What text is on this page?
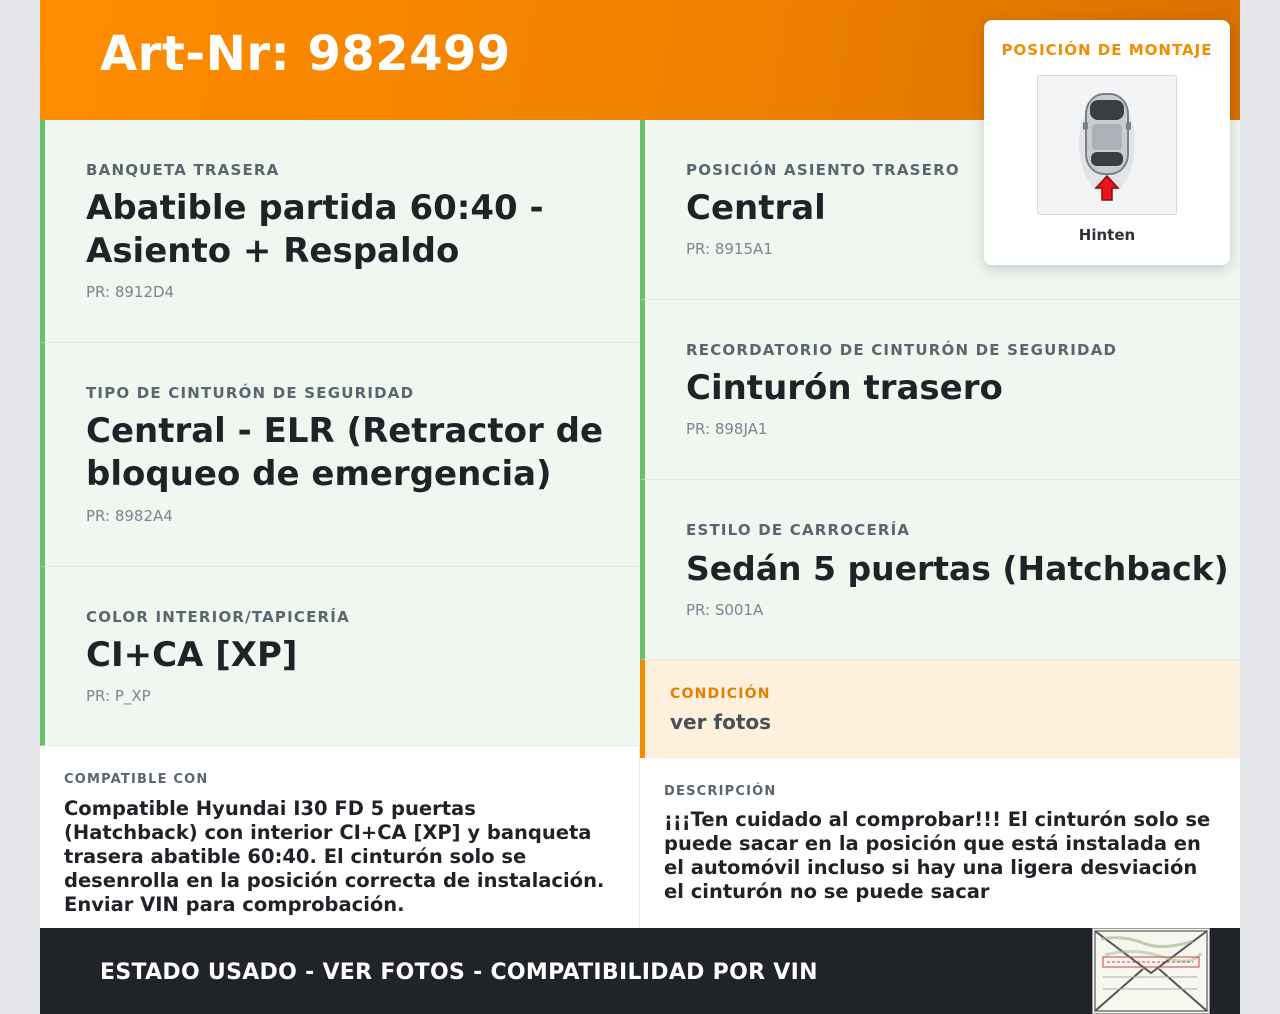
Art-Nr: 982499
BANQUETA TRASERA
Abatible partida 60:40 - Asiento + Respaldo
PR: 8912D4
TIPO DE CINTURÓN DE SEGURIDAD
Central - ELR (Retractor de bloqueo de emergencia)
PR: 8982A4
COLOR INTERIOR/TAPICERÍA
CI+CA [XP]
PR: P_XP
POSICIÓN ASIENTO TRASERO
Central
PR: 8915A1
RECORDATORIO DE CINTURÓN DE SEGURIDAD
Cinturón trasero
PR: 898JA1
ESTILO DE CARROCERÍA
Sedán 5 puertas (Hatchback)
PR: S001A
CONDICIÓN
ver fotos
COMPATIBLE CON
Compatible Hyundai I30 FD 5 puertas (Hatchback) con interior CI+CA [XP] y banqueta trasera abatible 60:40. El cinturón solo se desenrolla en la posición correcta de instalación. Enviar VIN para comprobación.
DESCRIPCIÓN
¡¡¡Ten cuidado al comprobar!!! El cinturón solo se puede sacar en la posición que está instalada en el automóvil incluso si hay una ligera desviación el cinturón no se puede sacar
ESTADO USADO - VER FOTOS - COMPATIBILIDAD POR VIN
POSICIÓN DE MONTAJE
Hinten
